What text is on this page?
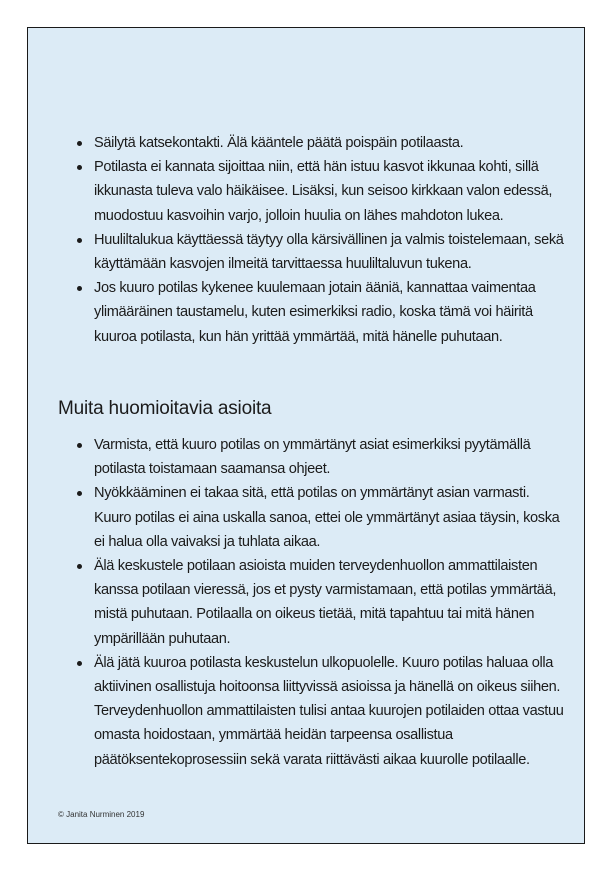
Säilytä katsekontakti. Älä kääntele päätä poispäin potilaasta.
Potilasta ei kannata sijoittaa niin, että hän istuu kasvot ikkunaa kohti, sillä ikkunasta tuleva valo häikäisee. Lisäksi, kun seisoo kirkkaan valon edessä, muodostuu kasvoihin varjo, jolloin huulia on lähes mahdoton lukea.
Huuliltalukua käyttäessä täytyy olla kärsivällinen ja valmis toistelemaan, sekä käyttämään kasvojen ilmeitä tarvittaessa huuliltaluvun tukena.
Jos kuuro potilas kykenee kuulemaan jotain ääniä, kannattaa vaimentaa ylimääräinen taustamelu, kuten esimerkiksi radio, koska tämä voi häiritä kuuroa potilasta, kun hän yrittää ymmärtää, mitä hänelle puhutaan.
Muita huomioitavia asioita
Varmista, että kuuro potilas on ymmärtänyt asiat esimerkiksi pyytämällä potilasta toistamaan saamansa ohjeet.
Nyökkääminen ei takaa sitä, että potilas on ymmärtänyt asian varmasti. Kuuro potilas ei aina uskalla sanoa, ettei ole ymmärtänyt asiaa täysin, koska ei halua olla vaivaksi ja tuhlata aikaa.
Älä keskustele potilaan asioista muiden terveydenhuollon ammattilaisten kanssa potilaan vieressä, jos et pysty varmistamaan, että potilas ymmärtää, mistä puhutaan. Potilaalla on oikeus tietää, mitä tapahtuu tai mitä hänen ympärillään puhutaan.
Älä jätä kuuroa potilasta keskustelun ulkopuolelle. Kuuro potilas haluaa olla aktiivinen osallistuja hoitoonsa liittyvissä asioissa ja hänellä on oikeus siihen. Terveydenhuollon ammattilaisten tulisi antaa kuurojen potilaiden ottaa vastuu omasta hoidostaan, ymmärtää heidän tarpeensa osallistua päätöksentekoprosessiin sekä varata riittävästi aikaa kuurolle potilaalle.
© Janita Nurminen 2019
